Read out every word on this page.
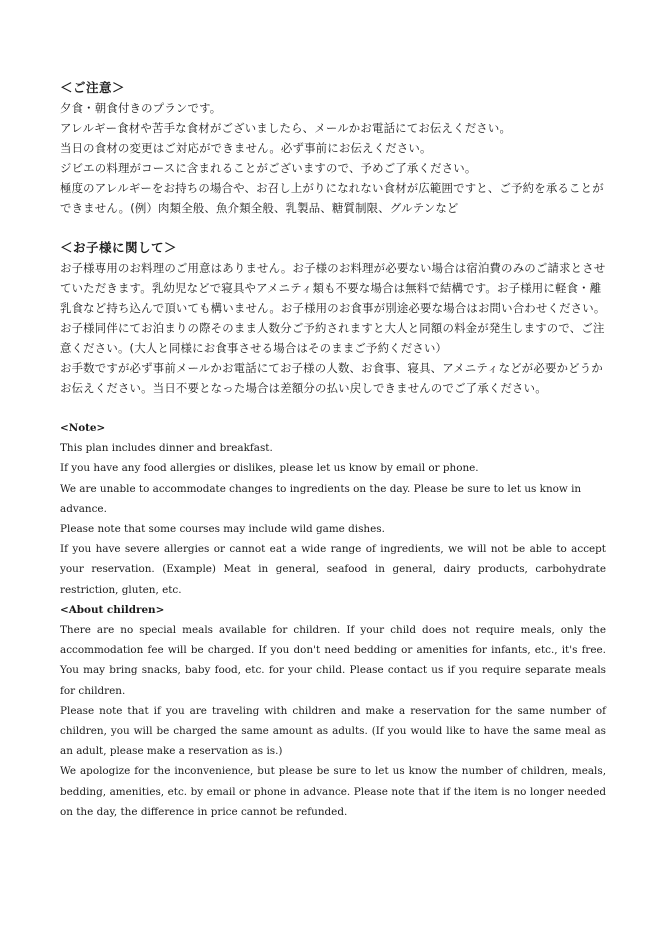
＜ご注意＞

夕食・朝食付きのプランです。

アレルギー食材や苦手な食材がございましたら、メールかお電話にてお伝えください。

当日の食材の変更はご対応ができません。必ず事前にお伝えください。

ジビエの料理がコースに含まれることがございますので、予めご了承ください。

極度のアレルギーをお持ちの場合や、お召し上がりになれない食材が広範囲ですと、ご予約を承ることができません。(例）肉類全般、魚介類全般、乳製品、糖質制限、グルテンなど

＜お子様に関して＞

お子様専用のお料理のご用意はありません。お子様のお料理が必要ない場合は宿泊費のみのご請求とさせていただきます。乳幼児などで寝具やアメニティ類も不要な場合は無料で結構です。お子様用に軽食・離乳食など持ち込んで頂いても構いません。お子様用のお食事が別途必要な場合はお問い合わせください。

お子様同伴にてお泊まりの際そのまま人数分ご予約されますと大人と同額の料金が発生しますので、ご注意ください。(大人と同様にお食事させる場合はそのままご予約ください）

お手数ですが必ず事前メールかお電話にてお子様の人数、お食事、寝具、アメニティなどが必要かどうかお伝えください。当日不要となった場合は差額分の払い戻しできませんのでご了承ください。

<Note>

This plan includes dinner and breakfast.

If you have any food allergies or dislikes, please let us know by email or phone.

We are unable to accommodate changes to ingredients on the day. Please be sure to let us know in advance.

Please note that some courses may include wild game dishes.

If you have severe allergies or cannot eat a wide range of ingredients, we will not be able to accept your reservation. (Example) Meat in general, seafood in general, dairy products, carbohydrate restriction, gluten, etc.

<About children>

There are no special meals available for children. If your child does not require meals, only the accommodation fee will be charged. If you don't need bedding or amenities for infants, etc., it's free. You may bring snacks, baby food, etc. for your child. Please contact us if you require separate meals for children.

Please note that if you are traveling with children and make a reservation for the same number of children, you will be charged the same amount as adults. (If you would like to have the same meal as an adult, please make a reservation as is.)

We apologize for the inconvenience, but please be sure to let us know the number of children, meals, bedding, amenities, etc. by email or phone in advance. Please note that if the item is no longer needed on the day, the difference in price cannot be refunded.
